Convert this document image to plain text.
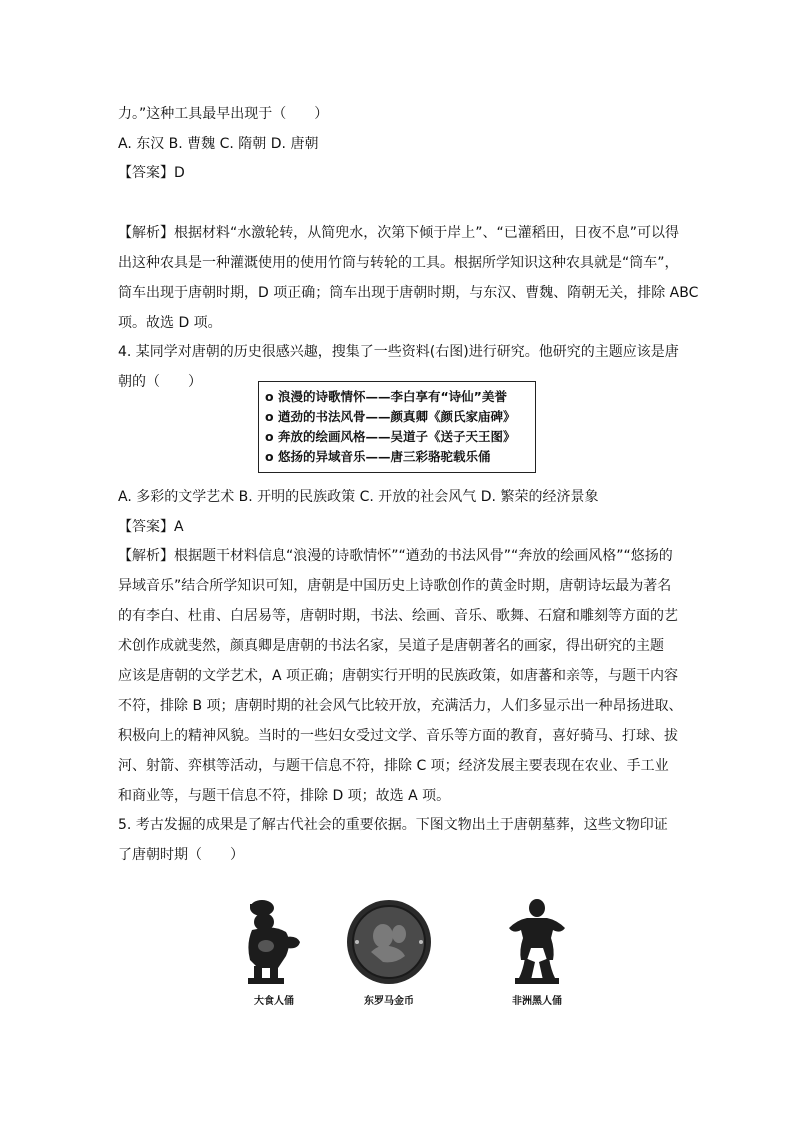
力。”这种工具最早出现于（　　）
A. 东汉 B. 曹魏 C. 隋朝 D. 唐朝
【答案】D
【解析】根据材料“水激轮转，从简兜水，次第下倾于岸上”、“已灌稻田，日夜不息”可以得
出这种农具是一种灌溉使用的使用竹筒与转轮的工具。根据所学知识这种农具就是“筒车”，
筒车出现于唐朝时期，D 项正确；筒车出现于唐朝时期，与东汉、曹魏、隋朝无关，排除 ABC
项。故选 D 项。
4. 某同学对唐朝的历史很感兴趣，搜集了一些资料(右图)进行研究。他研究的主题应该是唐
朝的（　　）
o 浪漫的诗歌情怀——李白享有“诗仙”美誉
o 遒劲的书法风骨——颜真卿《颜氏家庙碑》
o 奔放的绘画风格——吴道子《送子天王图》
o 悠扬的异域音乐——唐三彩骆驼载乐俑
A. 多彩的文学艺术 B. 开明的民族政策 C. 开放的社会风气 D. 繁荣的经济景象
【答案】A
【解析】根据题干材料信息“浪漫的诗歌情怀”“遒劲的书法风骨”“奔放的绘画风格”“悠扬的
异域音乐”结合所学知识可知，唐朝是中国历史上诗歌创作的黄金时期，唐朝诗坛最为著名
的有李白、杜甫、白居易等，唐朝时期，书法、绘画、音乐、歌舞、石窟和雕刻等方面的艺
术创作成就斐然，颜真卿是唐朝的书法名家，吴道子是唐朝著名的画家，得出研究的主题
应该是唐朝的文学艺术，A 项正确；唐朝实行开明的民族政策，如唐蕃和亲等，与题干内容
不符，排除 B 项；唐朝时期的社会风气比较开放，充满活力，人们多显示出一种昂扬进取、
积极向上的精神风貌。当时的一些妇女受过文学、音乐等方面的教育，喜好骑马、打球、拔
河、射箭、弈棋等活动，与题干信息不符，排除 C 项；经济发展主要表现在农业、手工业
和商业等，与题干信息不符，排除 D 项；故选 A 项。
5. 考古发掘的成果是了解古代社会的重要依据。下图文物出土于唐朝墓葬，这些文物印证
了唐朝时期（　　）
大食人俑	东罗马金币	非洲黑人俑
